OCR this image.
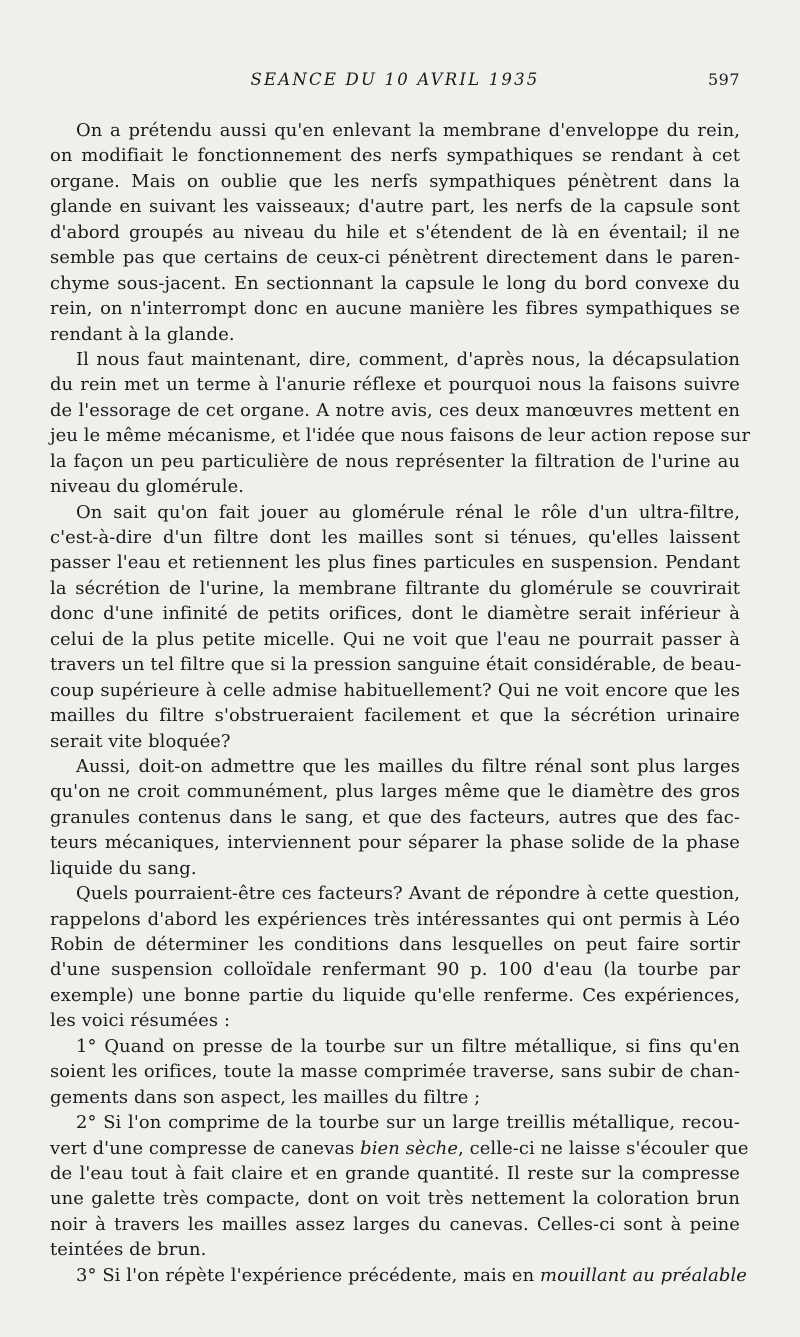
SEANCE DU 10 AVRIL 1935	597
On a prétendu aussi qu'en enlevant la membrane d'enveloppe du rein,
on modifiait le fonctionnement des nerfs sympathiques se rendant à cet
organe. Mais on oublie que les nerfs sympathiques pénètrent dans la
glande en suivant les vaisseaux; d'autre part, les nerfs de la capsule sont
d'abord groupés au niveau du hile et s'étendent de là en éventail; il ne
semble pas que certains de ceux-ci pénètrent directement dans le paren-
chyme sous-jacent. En sectionnant la capsule le long du bord convexe du
rein, on n'interrompt donc en aucune manière les fibres sympathiques se
rendant à la glande.
Il nous faut maintenant, dire, comment, d'après nous, la décapsulation
du rein met un terme à l'anurie réflexe et pourquoi nous la faisons suivre
de l'essorage de cet organe. A notre avis, ces deux manœuvres mettent en
jeu le même mécanisme, et l'idée que nous faisons de leur action repose sur
la façon un peu particulière de nous représenter la filtration de l'urine au
niveau du glomérule.
On sait qu'on fait jouer au glomérule rénal le rôle d'un ultra-filtre,
c'est-à-dire d'un filtre dont les mailles sont si ténues, qu'elles laissent
passer l'eau et retiennent les plus fines particules en suspension. Pendant
la sécrétion de l'urine, la membrane filtrante du glomérule se couvrirait
donc d'une infinité de petits orifices, dont le diamètre serait inférieur à
celui de la plus petite micelle. Qui ne voit que l'eau ne pourrait passer à
travers un tel filtre que si la pression sanguine était considérable, de beau-
coup supérieure à celle admise habituellement? Qui ne voit encore que les
mailles du filtre s'obstrueraient facilement et que la sécrétion urinaire
serait vite bloquée?
Aussi, doit-on admettre que les mailles du filtre rénal sont plus larges
qu'on ne croit communément, plus larges même que le diamètre des gros
granules contenus dans le sang, et que des facteurs, autres que des fac-
teurs mécaniques, interviennent pour séparer la phase solide de la phase
liquide du sang.
Quels pourraient-être ces facteurs? Avant de répondre à cette question,
rappelons d'abord les expériences très intéressantes qui ont permis à Léo
Robin de déterminer les conditions dans lesquelles on peut faire sortir
d'une suspension colloïdale renfermant 90 p. 100 d'eau (la tourbe par
exemple) une bonne partie du liquide qu'elle renferme. Ces expériences,
les voici résumées :
1° Quand on presse de la tourbe sur un filtre métallique, si fins qu'en
soient les orifices, toute la masse comprimée traverse, sans subir de chan-
gements dans son aspect, les mailles du filtre ;
2° Si l'on comprime de la tourbe sur un large treillis métallique, recou-
vert d'une compresse de canevas bien sèche, celle-ci ne laisse s'écouler que
de l'eau tout à fait claire et en grande quantité. Il reste sur la compresse
une galette très compacte, dont on voit très nettement la coloration brun
noir à travers les mailles assez larges du canevas. Celles-ci sont à peine
teintées de brun.
3° Si l'on répète l'expérience précédente, mais en mouillant au préalable
